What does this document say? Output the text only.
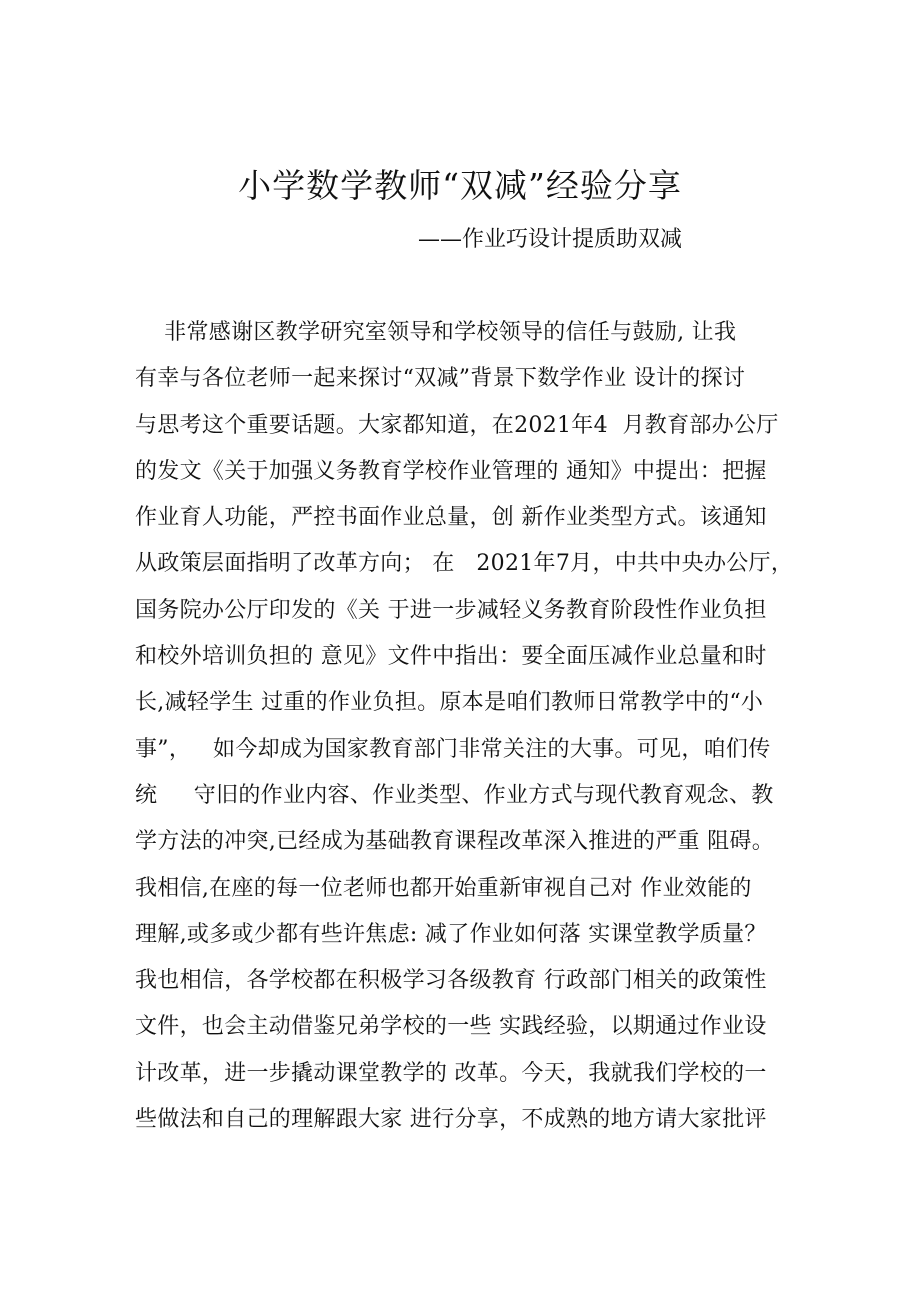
小学数学教师“双减”经验分享
——作业巧设计提质助双减
非常感谢区教学研究室领导和学校领导的信任与鼓励, 让我
有幸与各位老师一起来探讨“双减”背景下数学作业 设计的探讨
与思考这个重要话题。大家都知道，在2021年4  月教育部办公厅
的发文《关于加强义务教育学校作业管理的 通知》中提出：把握
作业育人功能，严控书面作业总量，创 新作业类型方式。该通知
从政策层面指明了改革方向； 在   2021年7月，中共中央办公厅，
国务院办公厅印发的《关 于进一步减轻义务教育阶段性作业负担
和校外培训负担的 意见》文件中指出：要全面压减作业总量和时
长,减轻学生 过重的作业负担。原本是咱们教师日常教学中的“小
事”，   如今却成为国家教育部门非常关注的大事。可见，咱们传
统     守旧的作业内容、作业类型、作业方式与现代教育观念、教
学方法的冲突,已经成为基础教育课程改革深入推进的严重 阻碍。
我相信,在座的每一位老师也都开始重新审视自己对 作业效能的
理解,或多或少都有些许焦虑: 减了作业如何落 实课堂教学质量？
我也相信，各学校都在积极学习各级教育 行政部门相关的政策性
文件，也会主动借鉴兄弟学校的一些 实践经验，以期通过作业设
计改革，进一步撬动课堂教学的 改革。今天，我就我们学校的一
些做法和自己的理解跟大家 进行分享，不成熟的地方请大家批评
